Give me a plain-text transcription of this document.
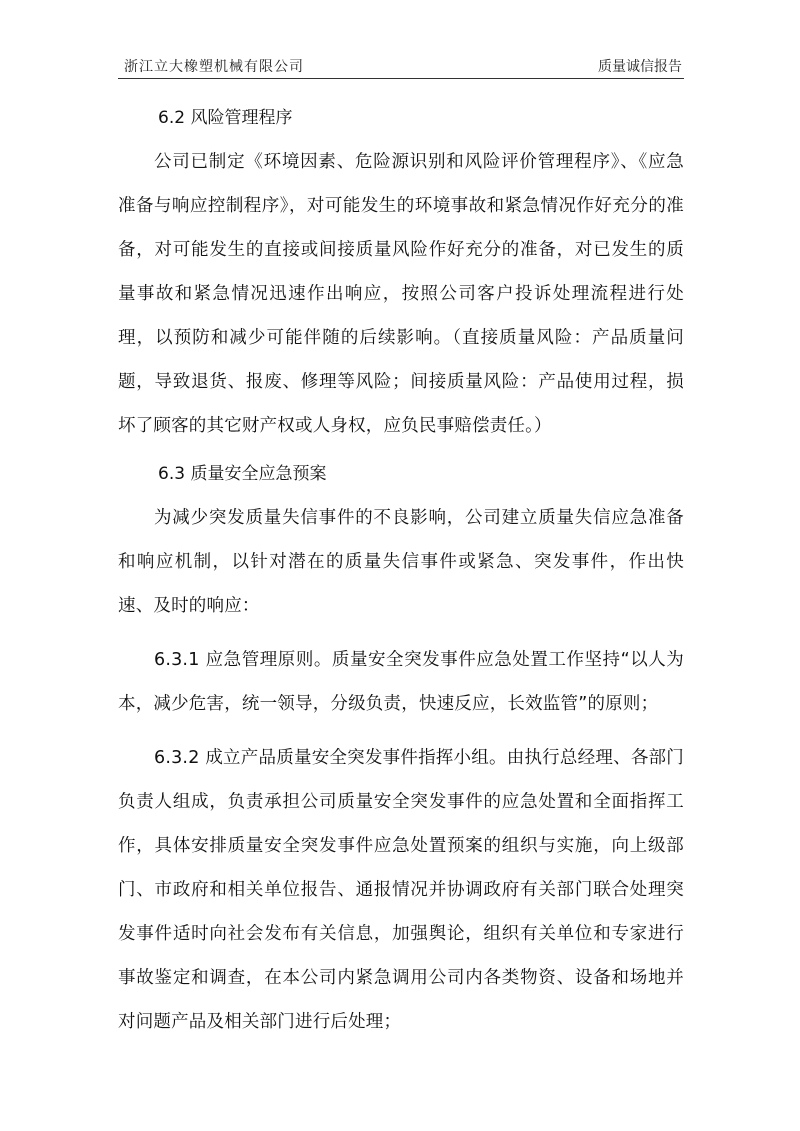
浙江立大橡塑机械有限公司	质量诚信报告

6.2 风险管理程序

公司已制定《环境因素、危险源识别和风险评价管理程序》、《应急准备与响应控制程序》，对可能发生的环境事故和紧急情况作好充分的准备，对可能发生的直接或间接质量风险作好充分的准备，对已发生的质量事故和紧急情况迅速作出响应，按照公司客户投诉处理流程进行处理，以预防和减少可能伴随的后续影响。（直接质量风险：产品质量问题，导致退货、报废、修理等风险；间接质量风险：产品使用过程，损坏了顾客的其它财产权或人身权，应负民事赔偿责任。）

6.3 质量安全应急预案

为减少突发质量失信事件的不良影响，公司建立质量失信应急准备和响应机制，以针对潜在的质量失信事件或紧急、突发事件，作出快速、及时的响应：

6.3.1 应急管理原则。质量安全突发事件应急处置工作坚持“以人为本，减少危害，统一领导，分级负责，快速反应，长效监管”的原则；

6.3.2 成立产品质量安全突发事件指挥小组。由执行总经理、各部门负责人组成，负责承担公司质量安全突发事件的应急处置和全面指挥工作，具体安排质量安全突发事件应急处置预案的组织与实施，向上级部门、市政府和相关单位报告、通报情况并协调政府有关部门联合处理突发事件适时向社会发布有关信息，加强舆论，组织有关单位和专家进行事故鉴定和调查，在本公司内紧急调用公司内各类物资、设备和场地并对问题产品及相关部门进行后处理；
